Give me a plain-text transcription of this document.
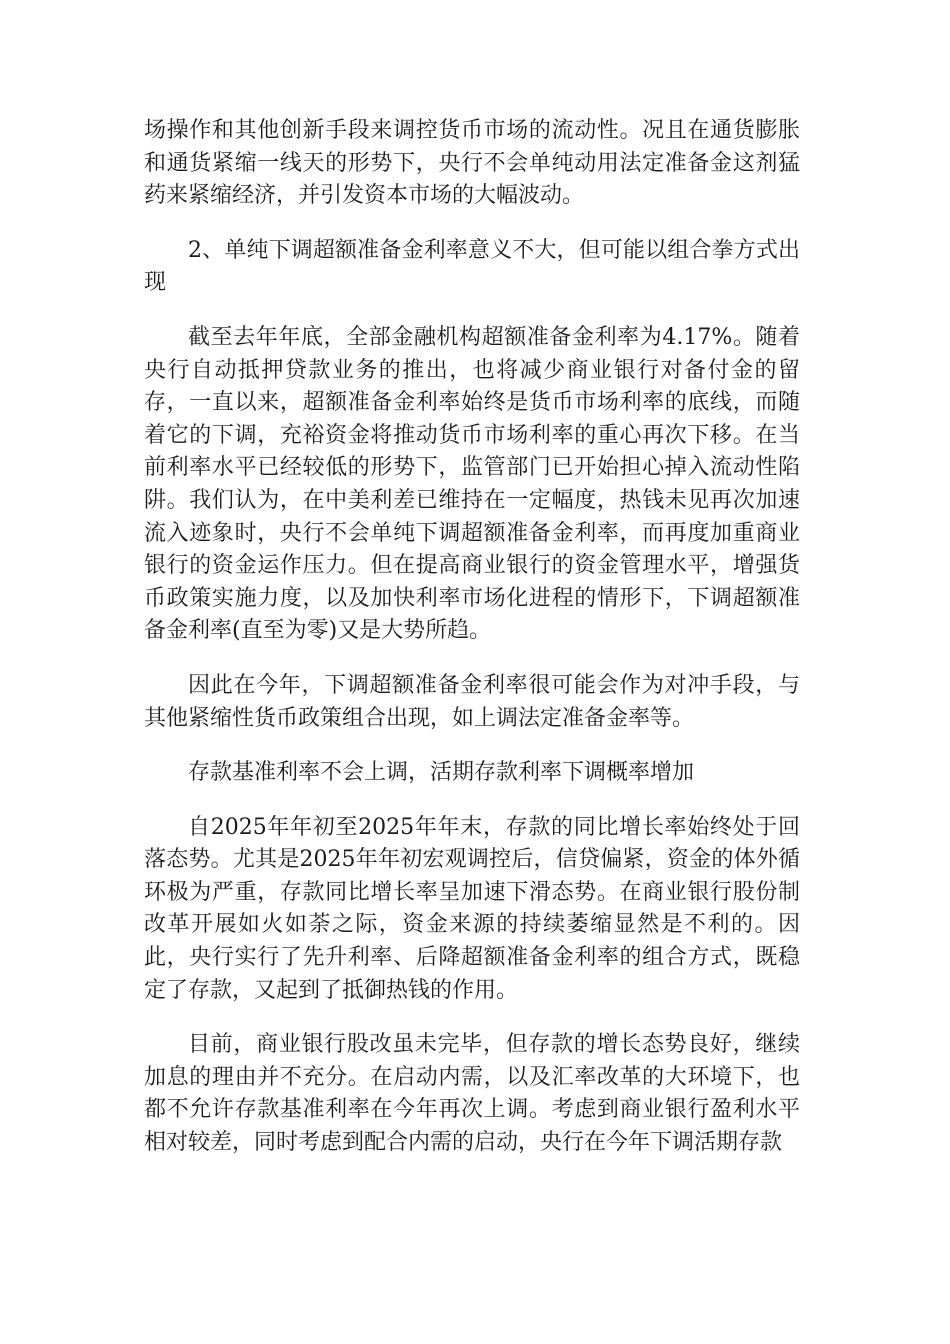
场操作和其他创新手段来调控货币市场的流动性。况且在通货膨胀和通货紧缩一线天的形势下，央行不会单纯动用法定准备金这剂猛药来紧缩经济，并引发资本市场的大幅波动。

2、单纯下调超额准备金利率意义不大，但可能以组合拳方式出现

截至去年年底，全部金融机构超额准备金利率为4.17%。随着央行自动抵押贷款业务的推出，也将减少商业银行对备付金的留存，一直以来，超额准备金利率始终是货币市场利率的底线，而随着它的下调，充裕资金将推动货币市场利率的重心再次下移。在当前利率水平已经较低的形势下，监管部门已开始担心掉入流动性陷阱。我们认为，在中美利差已维持在一定幅度，热钱未见再次加速流入迹象时，央行不会单纯下调超额准备金利率，而再度加重商业银行的资金运作压力。但在提高商业银行的资金管理水平，增强货币政策实施力度，以及加快利率市场化进程的情形下，下调超额准备金利率(直至为零)又是大势所趋。

因此在今年，下调超额准备金利率很可能会作为对冲手段，与其他紧缩性货币政策组合出现，如上调法定准备金率等。

存款基准利率不会上调，活期存款利率下调概率增加

自2025年年初至2025年年末，存款的同比增长率始终处于回落态势。尤其是2025年年初宏观调控后，信贷偏紧，资金的体外循环极为严重，存款同比增长率呈加速下滑态势。在商业银行股份制改革开展如火如荼之际，资金来源的持续萎缩显然是不利的。因此，央行实行了先升利率、后降超额准备金利率的组合方式，既稳定了存款，又起到了抵御热钱的作用。

目前，商业银行股改虽未完毕，但存款的增长态势良好，继续加息的理由并不充分。在启动内需，以及汇率改革的大环境下，也都不允许存款基准利率在今年再次上调。考虑到商业银行盈利水平相对较差，同时考虑到配合内需的启动，央行在今年下调活期存款
